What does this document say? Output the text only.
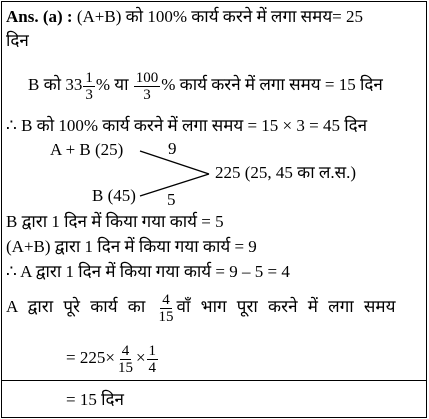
Ans. (a) : (A+B) को 100% कार्य करने में लगा समय= 25
दिन
B को $33 \frac{1}{3}$ % या $\frac{100}{3}$ % कार्य करने में लगा समय = 15 दिन
∴ B को 100% कार्य करने में लगा समय = 15 × 3 = 45 दिन
A + B (25)	9
225 (25, 45 का ल.स.)
B (45) 5
B द्वारा 1 दिन में किया गया कार्य = 5
(A+B) द्वारा 1 दिन में किया गया कार्य = 9
∴ A द्वारा 1 दिन में किया गया कार्य = 9 – 5 = 4
A द्वारा पूरे कार्य का $\frac{4}{15}$ वाँ भाग पूरा करने में लगा समय
= $225\times \frac{4}{15} \times \frac{1}{4}$
= 15 दिन
